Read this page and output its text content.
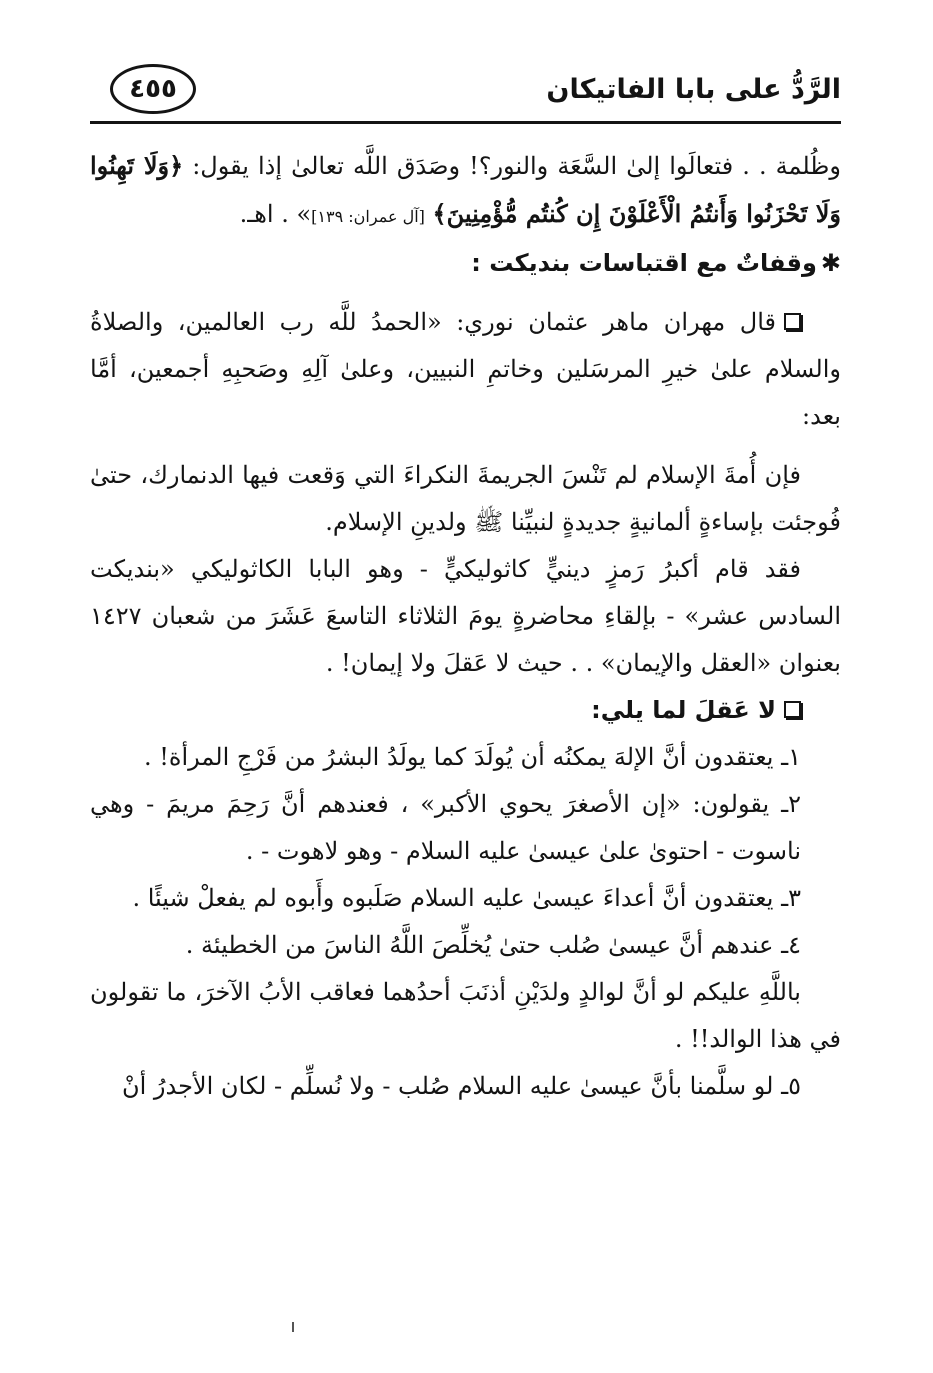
الرَّدُّ على بابا الفاتيكان
٤٥٥

وظُلمة . . فتعالَوا إلىٰ السَّعَة والنور؟! وصَدَق اللَّه تعالىٰ إذا يقول: ﴿وَلَا تَهِنُوا وَلَا تَحْزَنُوا وَأَنتُمُ الْأَعْلَوْنَ إِن كُنتُم مُّؤْمِنِينَ﴾ [آل عمران: ١٣٩]» . اهـ.

✱وقفاتٌ مع اقتباسات بنديكت :

قال مهران ماهر عثمان نوري: «الحمدُ للَّه رب العالمين، والصلاةُ والسلام علىٰ خيرِ المرسَلين وخاتمِ النبيين، وعلىٰ آلِهِ وصَحبِهِ أجمعين، أمَّا بعد:

فإن أُمةَ الإسلام لم تَنْسَ الجريمةَ النكراءَ التي وَقعت فيها الدنمارك، حتىٰ فُوجئت بإساءةٍ ألمانيةٍ جديدةٍ لنبيِّنا ﷺ ولدينِ الإسلام.

فقد قام أكبرُ رَمزٍ دينيٍّ كاثوليكيٍّ - وهو البابا الكاثوليكي «بنديكت السادس عشر» - بإلقاءِ محاضرةٍ يومَ الثلاثاء التاسعَ عَشَرَ من شعبان ١٤٢٧ بعنوان «العقل والإيمان» . . حيث لا عَقلَ ولا إيمان! .

لا عَقلَ لما يلي:

١ـ يعتقدون أنَّ الإلهَ يمكنُه أن يُولَدَ كما يولَدُ البشرُ من فَرْجِ المرأة! .

٢ـ يقولون: «إن الأصغرَ يحوي الأكبر» ، فعندهم أنَّ رَحِمَ مريمَ - وهي ناسوت - احتوىٰ علىٰ عيسىٰ عليه السلام - وهو لاهوت - .

٣ـ يعتقدون أنَّ أعداءَ عيسىٰ عليه السلام صَلَبوه وأَبوه لم يفعلْ شيئًا .

٤ـ عندهم أنَّ عيسىٰ صُلب حتىٰ يُخلِّصَ اللَّهُ الناسَ من الخطيئة .

باللَّهِ عليكم لو أنَّ لوالدٍ ولدَيْنِ أذنَبَ أحدُهما فعاقب الأبُ الآخرَ، ما تقولون في هذا الوالد!! .

٥ـ لو سلَّمنا بأنَّ عيسىٰ عليه السلام صُلب - ولا نُسلِّم - لكان الأجدرُ أنْ
